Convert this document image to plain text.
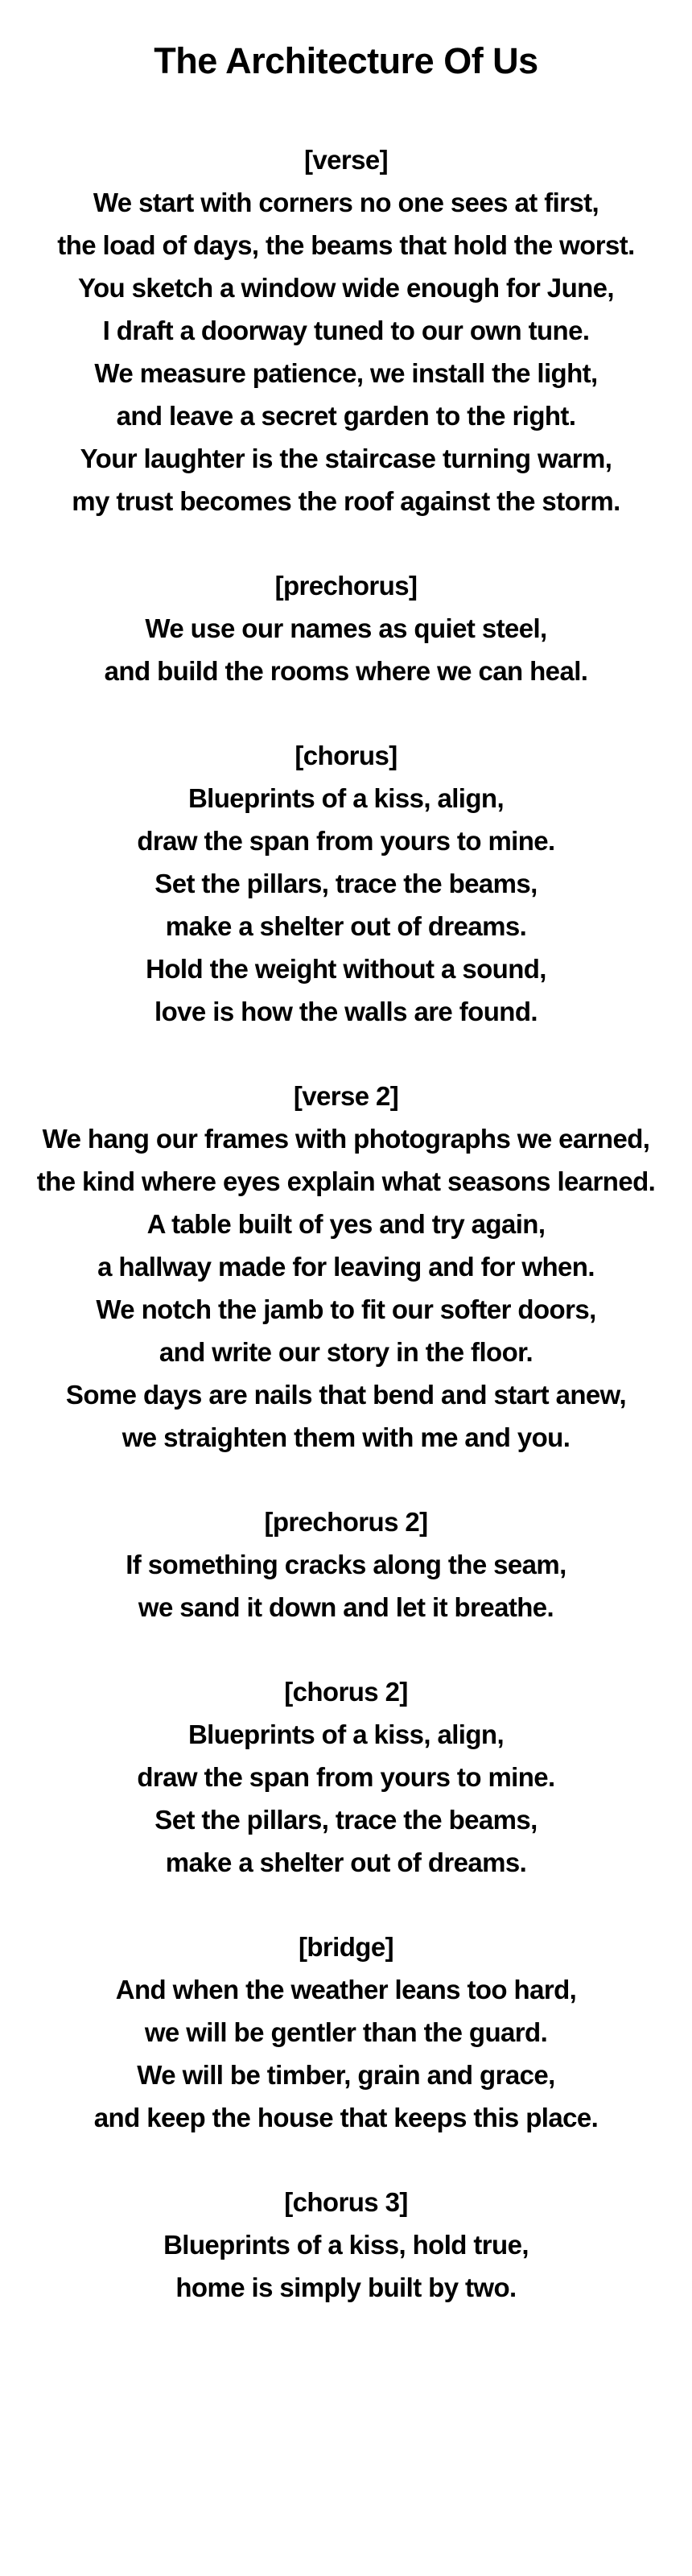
The Architecture Of Us
[verse]
We start with corners no one sees at first,
the load of days, the beams that hold the worst.
You sketch a window wide enough for June,
I draft a doorway tuned to our own tune.
We measure patience, we install the light,
and leave a secret garden to the right.
Your laughter is the staircase turning warm,
my trust becomes the roof against the storm.
[prechorus]
We use our names as quiet steel,
and build the rooms where we can heal.
[chorus]
Blueprints of a kiss, align,
draw the span from yours to mine.
Set the pillars, trace the beams,
make a shelter out of dreams.
Hold the weight without a sound,
love is how the walls are found.
[verse 2]
We hang our frames with photographs we earned,
the kind where eyes explain what seasons learned.
A table built of yes and try again,
a hallway made for leaving and for when.
We notch the jamb to fit our softer doors,
and write our story in the floor.
Some days are nails that bend and start anew,
we straighten them with me and you.
[prechorus 2]
If something cracks along the seam,
we sand it down and let it breathe.
[chorus 2]
Blueprints of a kiss, align,
draw the span from yours to mine.
Set the pillars, trace the beams,
make a shelter out of dreams.
[bridge]
And when the weather leans too hard,
we will be gentler than the guard.
We will be timber, grain and grace,
and keep the house that keeps this place.
[chorus 3]
Blueprints of a kiss, hold true,
home is simply built by two.
